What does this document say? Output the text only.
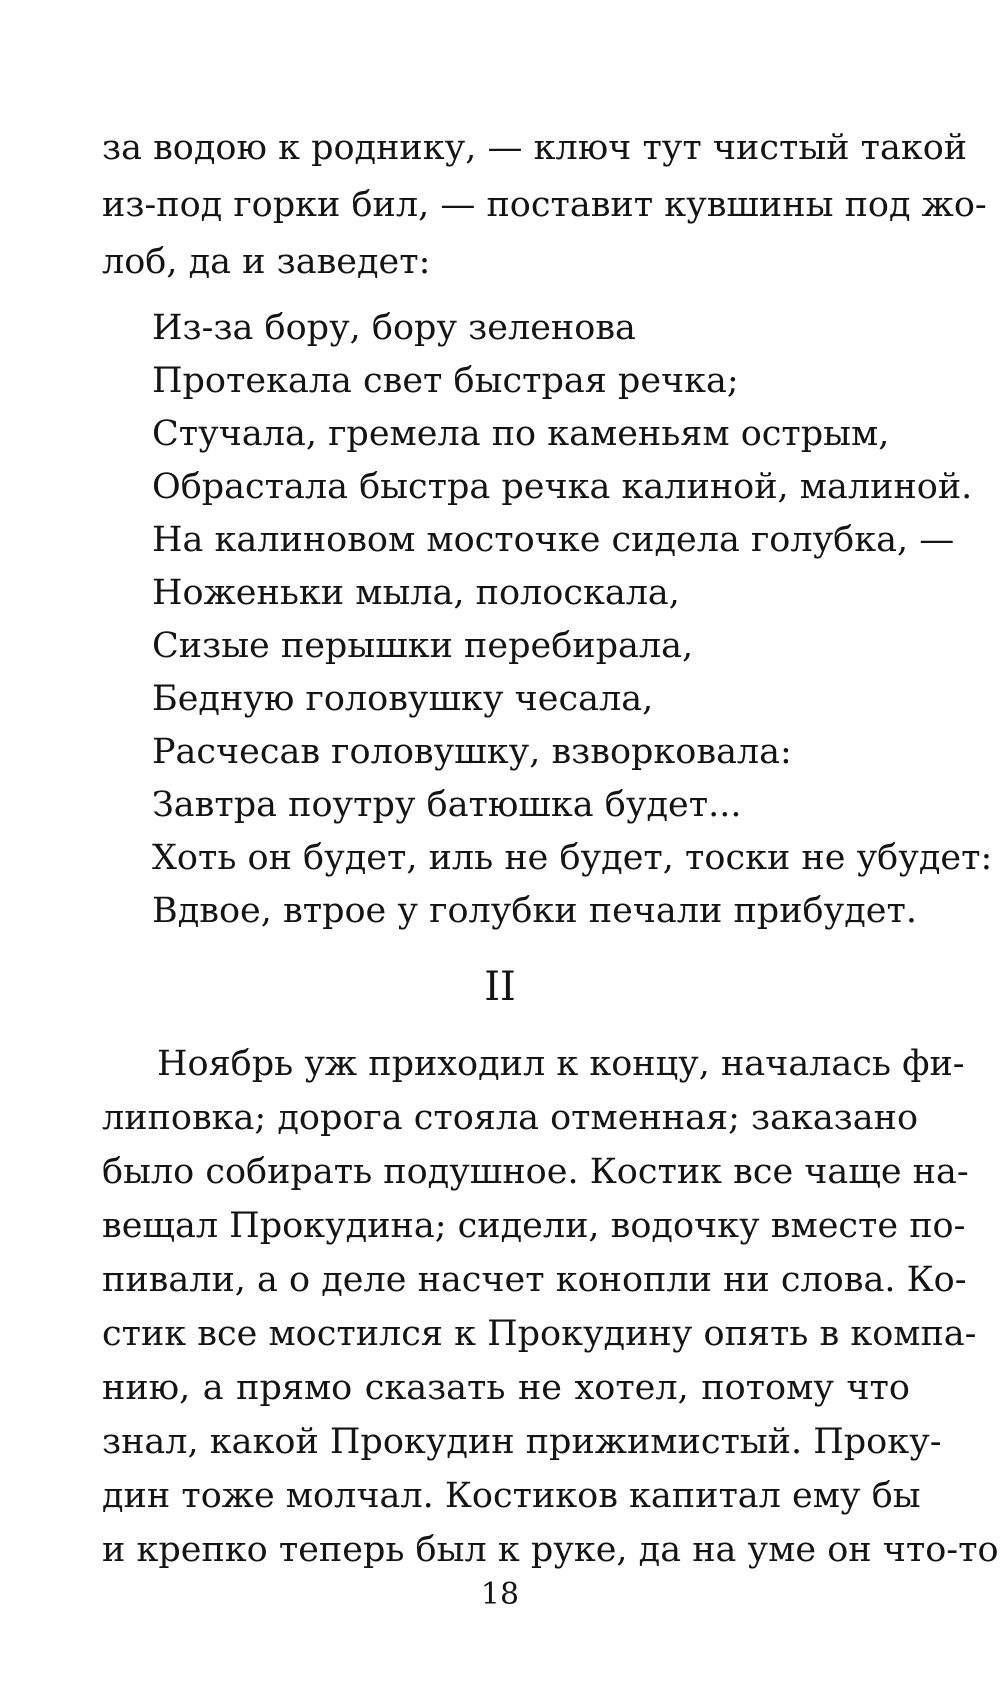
за водою к роднику, — ключ тут чистый такой
из-под горки бил, — поставит кувшины под жо-
лоб, да и заведет:
Из-за бору, бору зеленова
Протекала свет быстрая речка;
Стучала, гремела по каменьям острым,
Обрастала быстра речка калиной, малиной.
На калиновом мосточке сидела голубка, —
Ноженьки мыла, полоскала,
Сизые перышки перебирала,
Бедную головушку чесала,
Расчесав головушку, взворковала:
Завтра поутру батюшка будет...
Хоть он будет, иль не будет, тоски не убудет:
Вдвое, втрое у голубки печали прибудет.
II
Ноябрь уж приходил к концу, началась фи-
липовка; дорога стояла отменная; заказано
было собирать подушное. Костик все чаще на-
вещал Прокудина; сидели, водочку вместе по-
пивали, а о деле насчет конопли ни слова. Ко-
стик все мостился к Прокудину опять в компа-
нию, а прямо сказать не хотел, потому что
знал, какой Прокудин прижимистый. Проку-
дин тоже молчал. Костиков капитал ему бы
и крепко теперь был к руке, да на уме он что-то
18
